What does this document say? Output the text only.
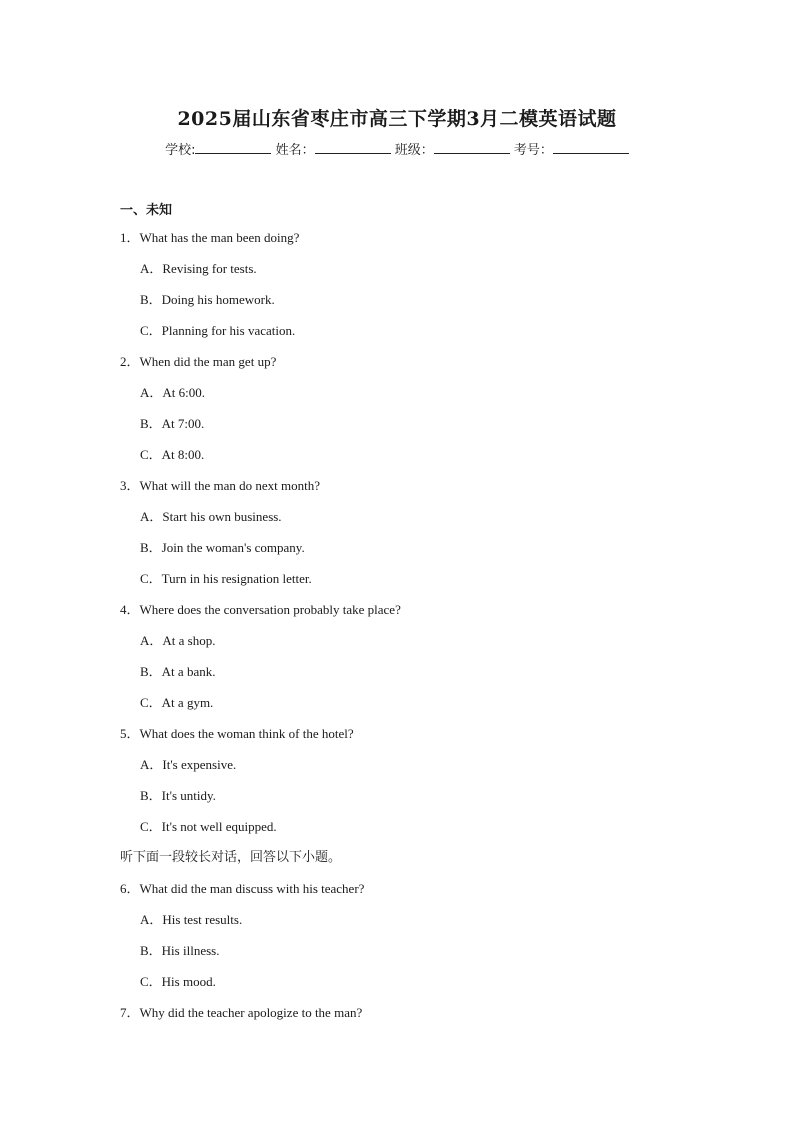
2025届山东省枣庄市高三下学期3月二模英语试题
学校:	姓名：	班级：	考号：
一、未知
1．What has the man been doing?
A．Revising for tests.
B．Doing his homework.
C．Planning for his vacation.
2．When did the man get up?
A．At 6:00.
B．At 7:00.
C．At 8:00.
3．What will the man do next month?
A．Start his own business.
B．Join the woman's company.
C．Turn in his resignation letter.
4．Where does the conversation probably take place?
A．At a shop.
B．At a bank.
C．At a gym.
5．What does the woman think of the hotel?
A．It's expensive.
B．It's untidy.
C．It's not well equipped.
听下面一段较长对话，回答以下小题。
6．What did the man discuss with his teacher?
A．His test results.
B．His illness.
C．His mood.
7．Why did the teacher apologize to the man?
